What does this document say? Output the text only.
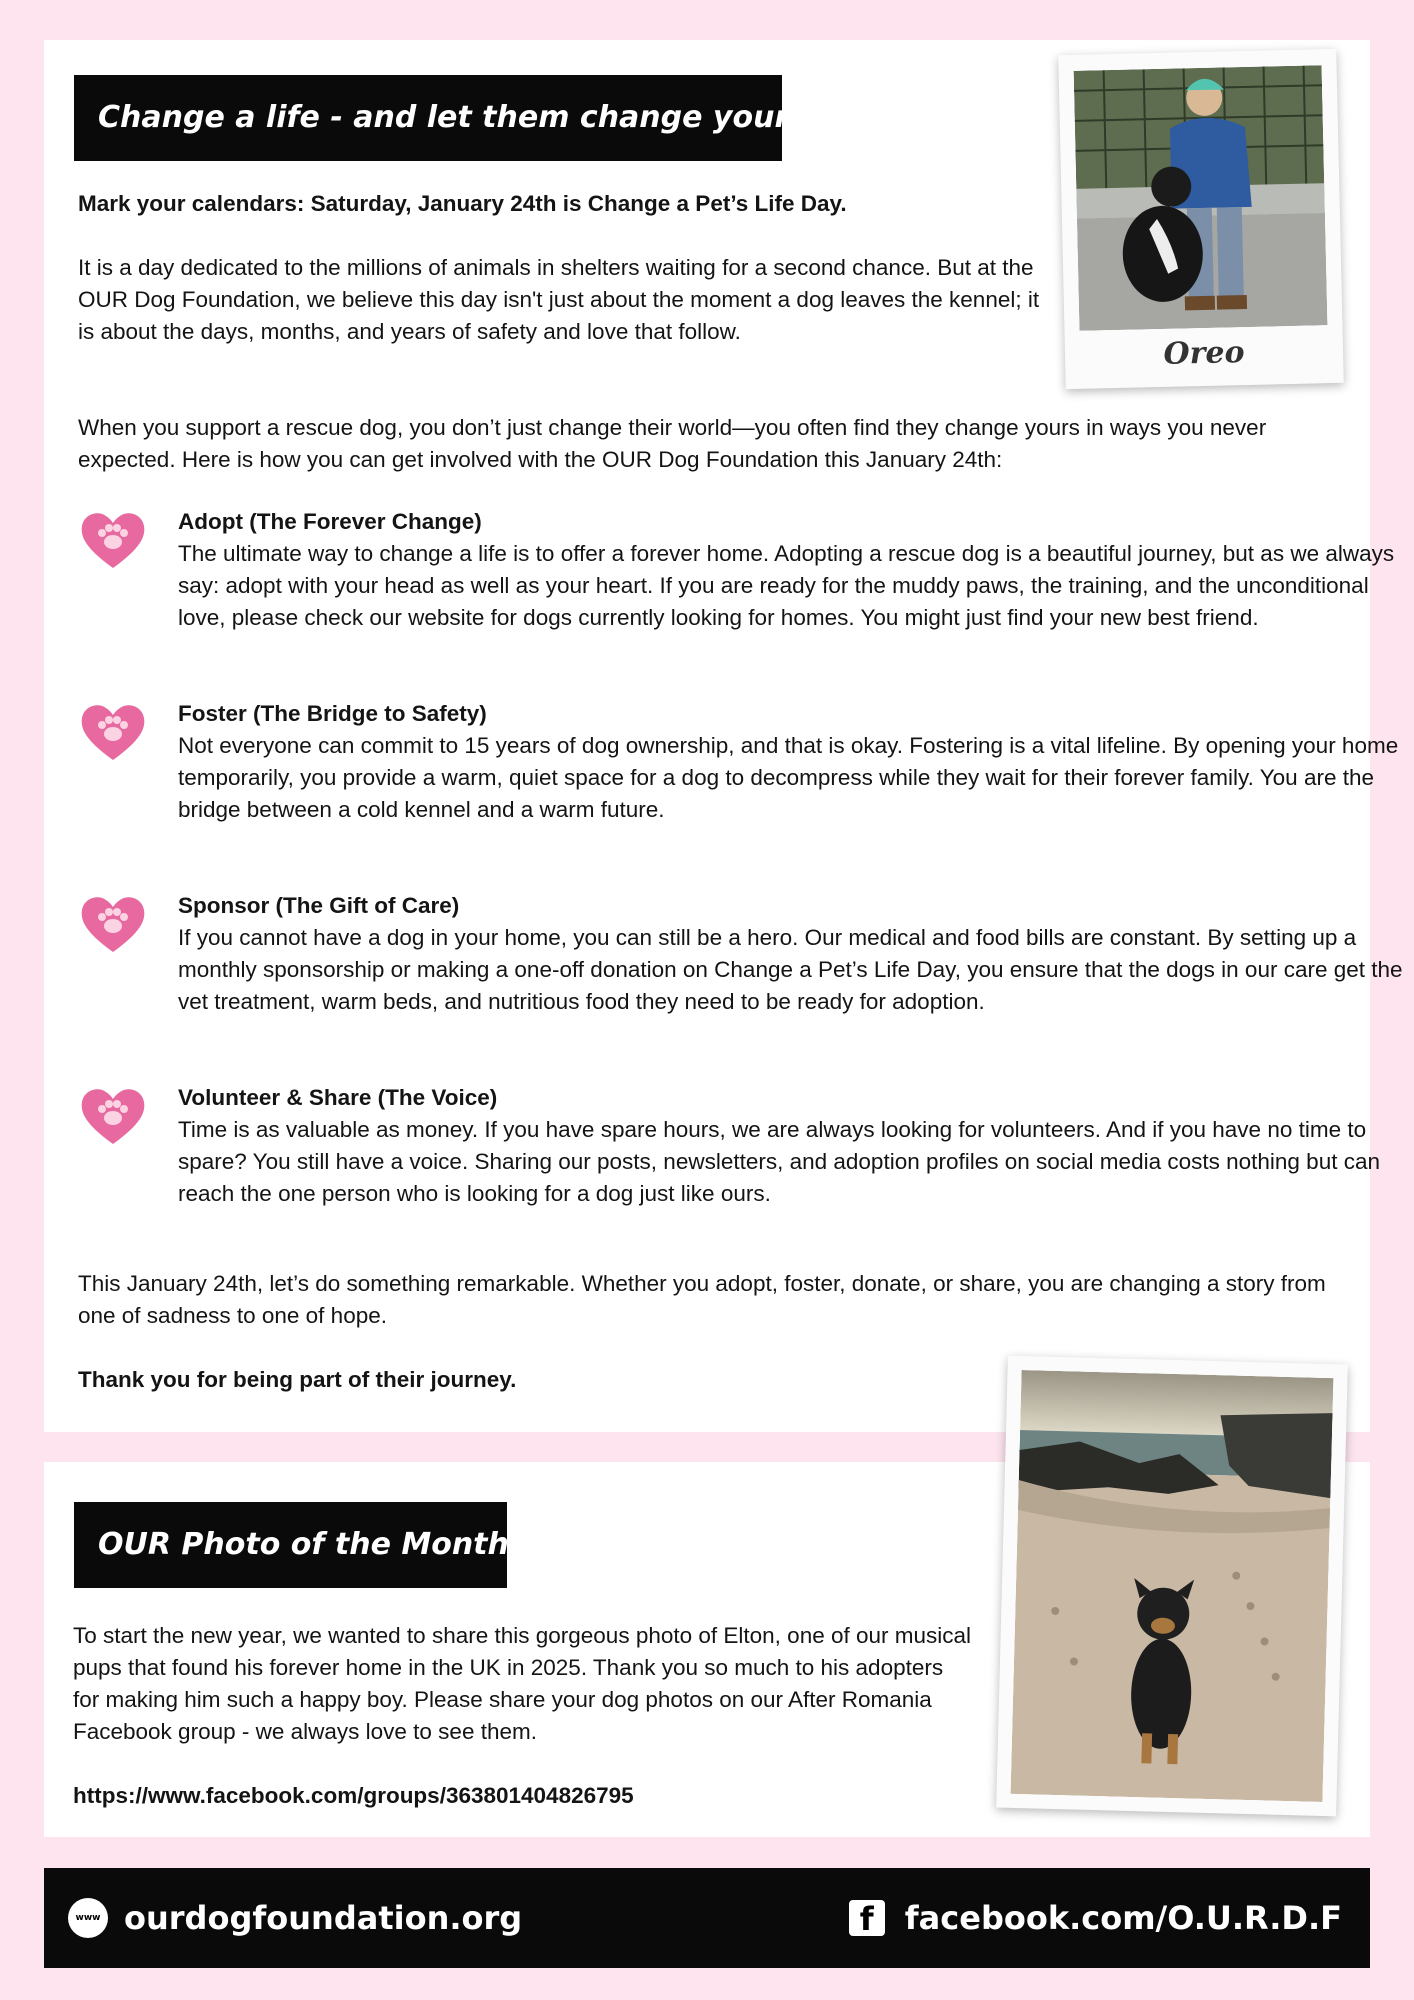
Change a life - and let them change yours!
Mark your calendars: Saturday, January 24th is Change a Pet’s Life Day.
It is a day dedicated to the millions of animals in shelters waiting for a second chance. But at the OUR Dog Foundation, we believe this day isn't just about the moment a dog leaves the kennel; it is about the days, months, and years of safety and love that follow.
When you support a rescue dog, you don’t just change their world—you often find they change yours in ways you never expected. Here is how you can get involved with the OUR Dog Foundation this January 24th:
Adopt (The Forever Change)
The ultimate way to change a life is to offer a forever home. Adopting a rescue dog is a beautiful journey, but as we always say: adopt with your head as well as your heart. If you are ready for the muddy paws, the training, and the unconditional love, please check our website for dogs currently looking for homes. You might just find your new best friend.
Foster (The Bridge to Safety)
Not everyone can commit to 15 years of dog ownership, and that is okay. Fostering is a vital lifeline. By opening your home temporarily, you provide a warm, quiet space for a dog to decompress while they wait for their forever family. You are the bridge between a cold kennel and a warm future.
Sponsor (The Gift of Care)
If you cannot have a dog in your home, you can still be a hero. Our medical and food bills are constant. By setting up a monthly sponsorship or making a one-off donation on Change a Pet’s Life Day, you ensure that the dogs in our care get the vet treatment, warm beds, and nutritious food they need to be ready for adoption.
Volunteer & Share (The Voice)
Time is as valuable as money. If you have spare hours, we are always looking for volunteers. And if you have no time to spare? You still have a voice. Sharing our posts, newsletters, and adoption profiles on social media costs nothing but can reach the one person who is looking for a dog just like ours.
This January 24th, let’s do something remarkable. Whether you adopt, foster, donate, or share, you are changing a story from one of sadness to one of hope.
Thank you for being part of their journey.
Oreo
OUR Photo of the Month
To start the new year, we wanted to share this gorgeous photo of Elton, one of our musical pups that found his forever home in the UK in 2025. Thank you so much to his adopters for making him such a happy boy. Please share your dog photos on our After Romania Facebook group - we always love to see them.
https://www.facebook.com/groups/363801404826795
www ourdogfoundation.org	f facebook.com/O.U.R.D.F
